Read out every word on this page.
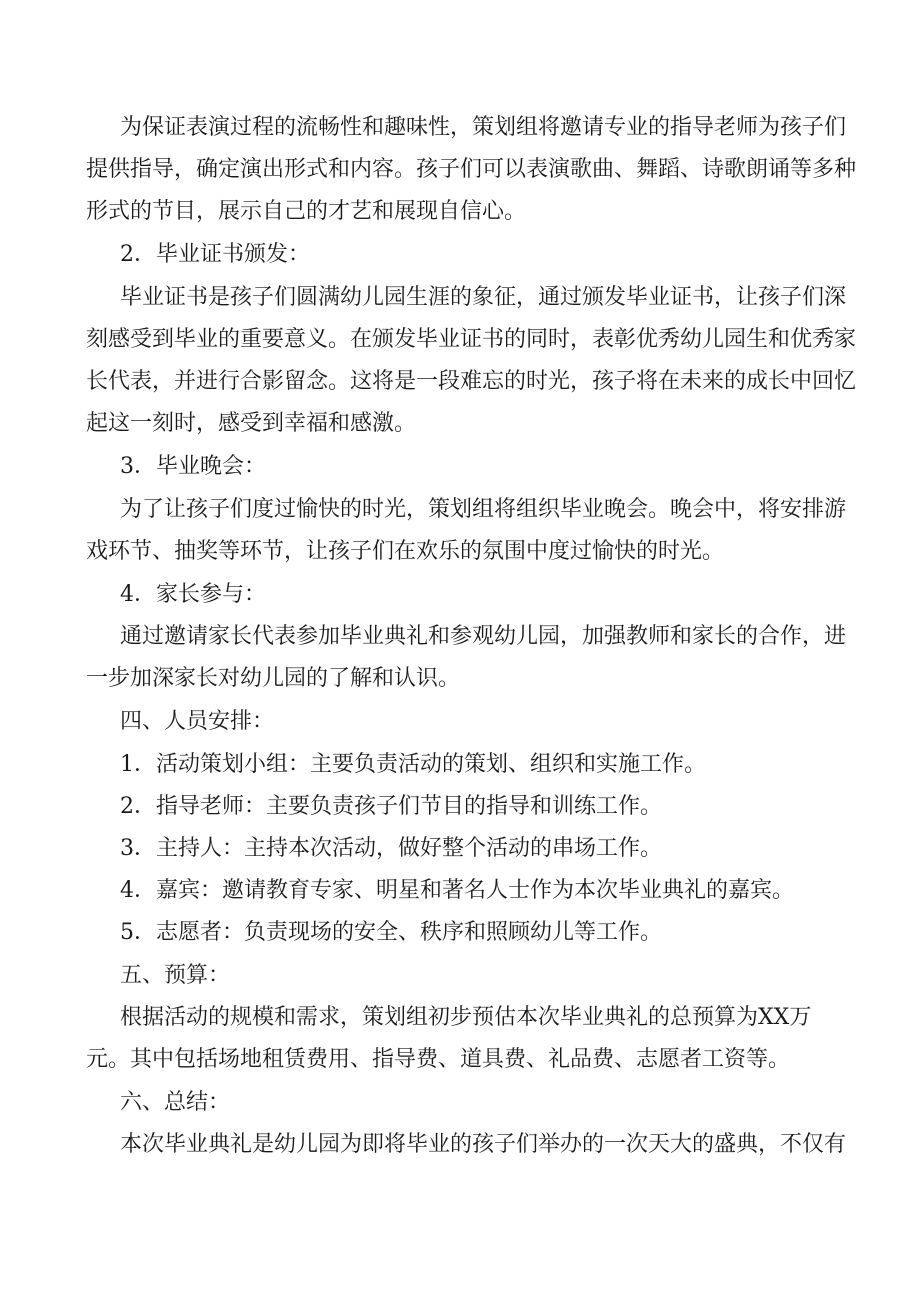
为保证表演过程的流畅性和趣味性，策划组将邀请专业的指导老师为孩子们
提供指导，确定演出形式和内容。孩子们可以表演歌曲、舞蹈、诗歌朗诵等多种
形式的节目，展示自己的才艺和展现自信心。
2．毕业证书颁发：
毕业证书是孩子们圆满幼儿园生涯的象征，通过颁发毕业证书，让孩子们深
刻感受到毕业的重要意义。在颁发毕业证书的同时，表彰优秀幼儿园生和优秀家
长代表，并进行合影留念。这将是一段难忘的时光，孩子将在未来的成长中回忆
起这一刻时，感受到幸福和感激。
3．毕业晚会：
为了让孩子们度过愉快的时光，策划组将组织毕业晚会。晚会中，将安排游
戏环节、抽奖等环节，让孩子们在欢乐的氛围中度过愉快的时光。
4．家长参与：
通过邀请家长代表参加毕业典礼和参观幼儿园，加强教师和家长的合作，进
一步加深家长对幼儿园的了解和认识。
四、人员安排：
1．活动策划小组：主要负责活动的策划、组织和实施工作。
2．指导老师：主要负责孩子们节目的指导和训练工作。
3．主持人：主持本次活动，做好整个活动的串场工作。
4．嘉宾：邀请教育专家、明星和著名人士作为本次毕业典礼的嘉宾。
5．志愿者：负责现场的安全、秩序和照顾幼儿等工作。
五、预算：
根据活动的规模和需求，策划组初步预估本次毕业典礼的总预算为XX万
元。其中包括场地租赁费用、指导费、道具费、礼品费、志愿者工资等。
六、总结：
本次毕业典礼是幼儿园为即将毕业的孩子们举办的一次天大的盛典，不仅有
